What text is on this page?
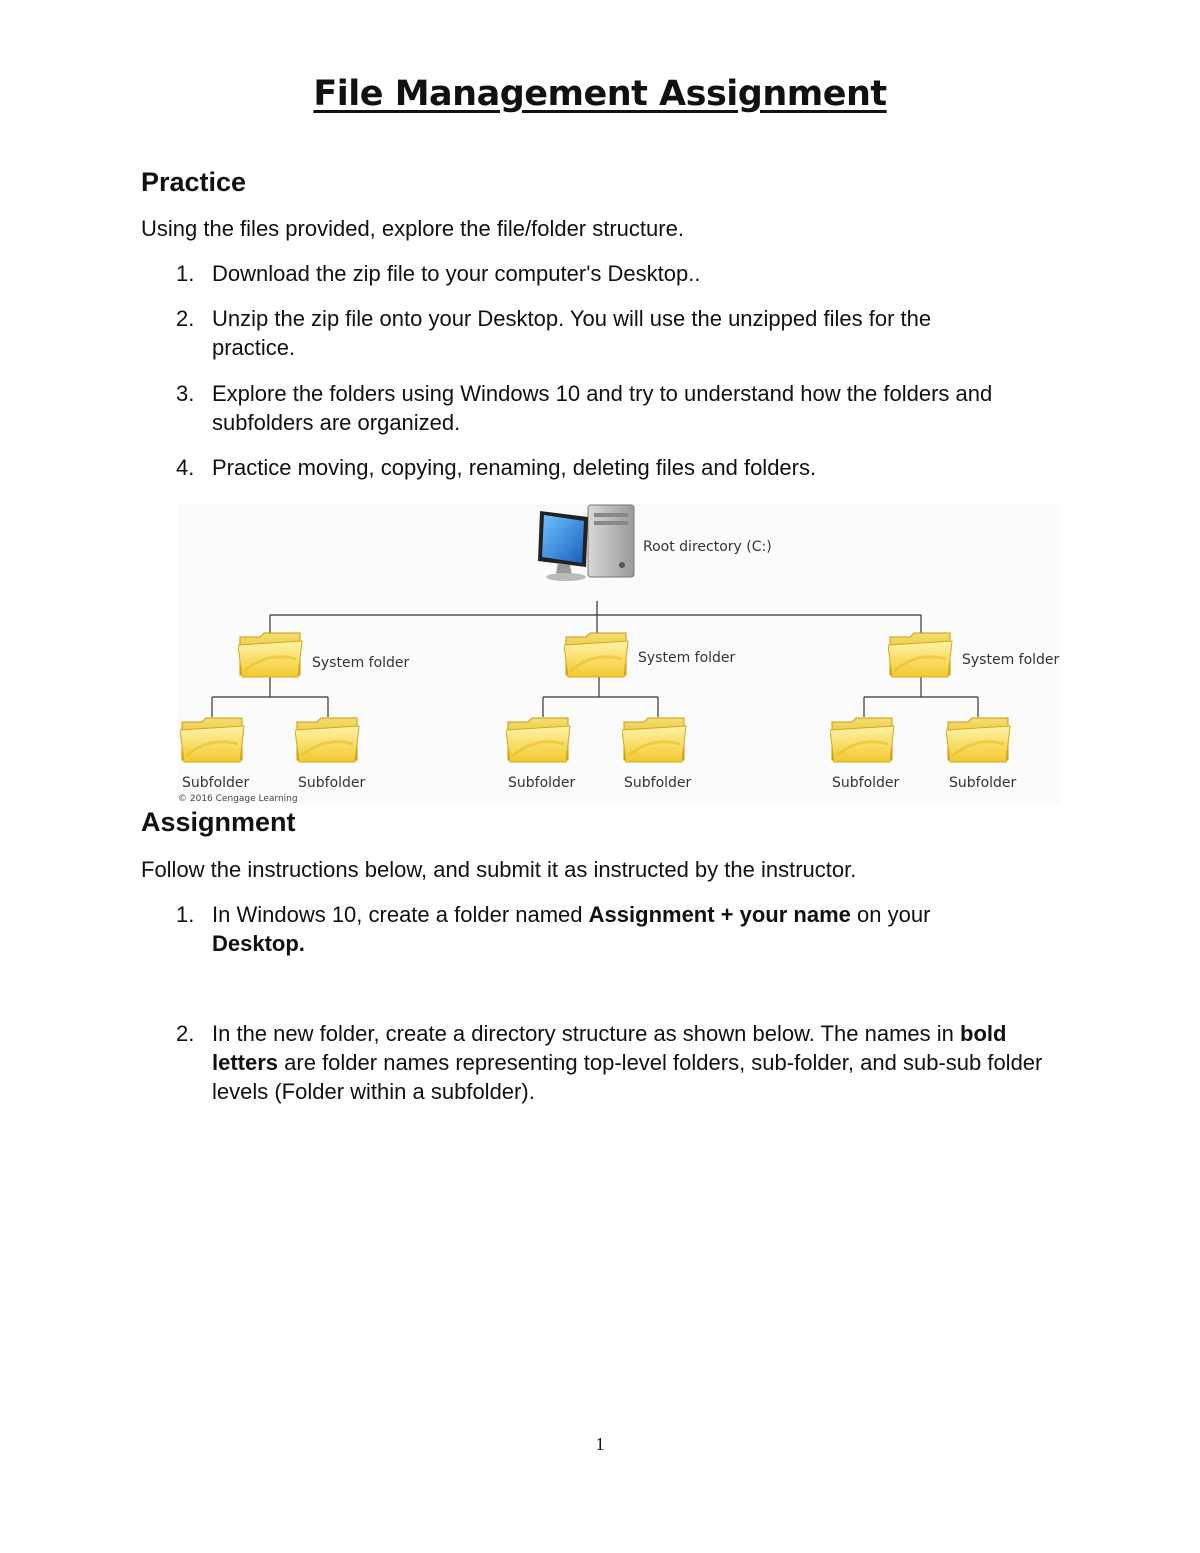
File Management Assignment
Practice
Using the files provided, explore the file/folder structure.
1. Download the zip file to your computer's Desktop..
2. Unzip the zip file onto your Desktop. You will use the unzipped files for the practice.
3. Explore the folders using Windows 10 and try to understand how the folders and subfolders are organized.
4. Practice moving, copying, renaming, deleting files and folders.
Root directory (C:)
System folder	System folder	System folder
Subfolder	Subfolder	Subfolder	Subfolder	Subfolder	Subfolder
© 2016 Cengage Learning
Assignment
Follow the instructions below, and submit it as instructed by the instructor.
1. In Windows 10, create a folder named Assignment + your name on your Desktop.
2. In the new folder, create a directory structure as shown below. The names in bold letters are folder names representing top-level folders, sub-folder, and sub-sub folder levels (Folder within a subfolder).
1
